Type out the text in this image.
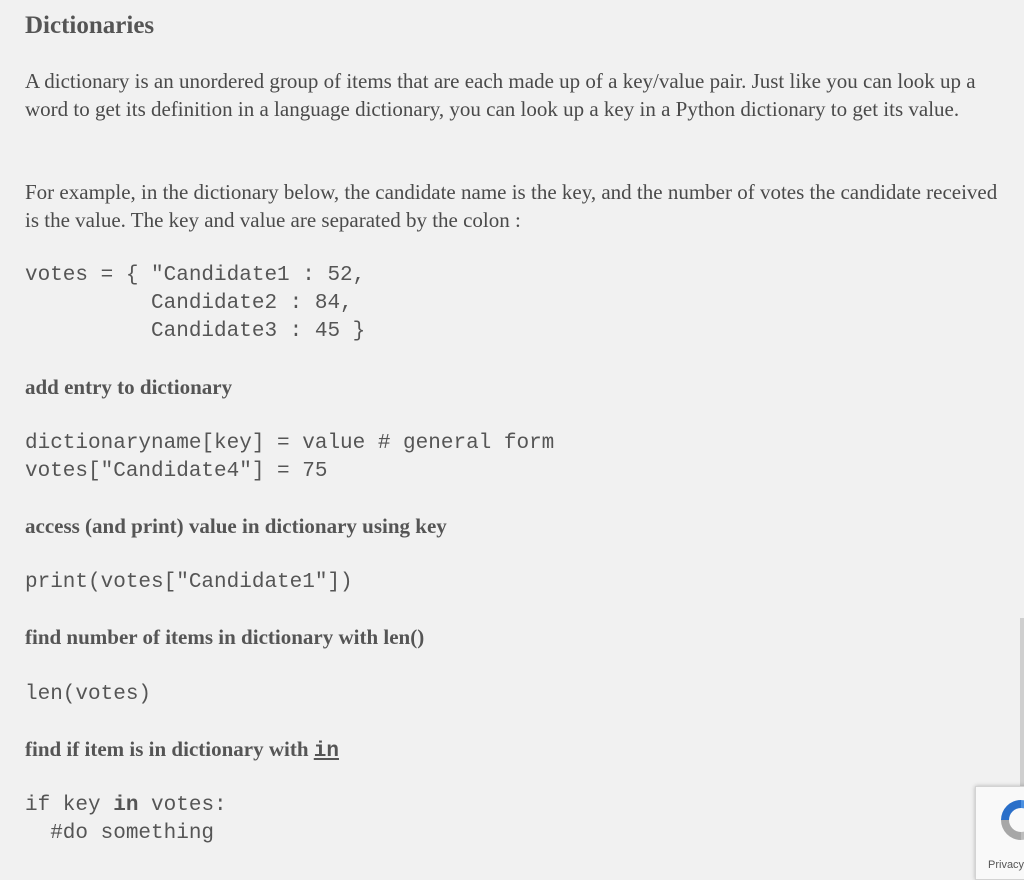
Dictionaries

A dictionary is an unordered group of items that are each made up of a key/value pair. Just like you can look up a word to get its definition in a language dictionary, you can look up a key in a Python dictionary to get its value.

For example, in the dictionary below, the candidate name is the key, and the number of votes the candidate received is the value. The key and value are separated by the colon :

votes = { "Candidate1 : 52,
Candidate2 : 84,
Candidate3 : 45 }

add entry to dictionary

dictionaryname[key] = value # general form
votes["Candidate4"] = 75

access (and print) value in dictionary using key

print(votes["Candidate1"])

find number of items in dictionary with len()

len(votes)

find if item is in dictionary with in

if key in votes:
#do something
Privacy
